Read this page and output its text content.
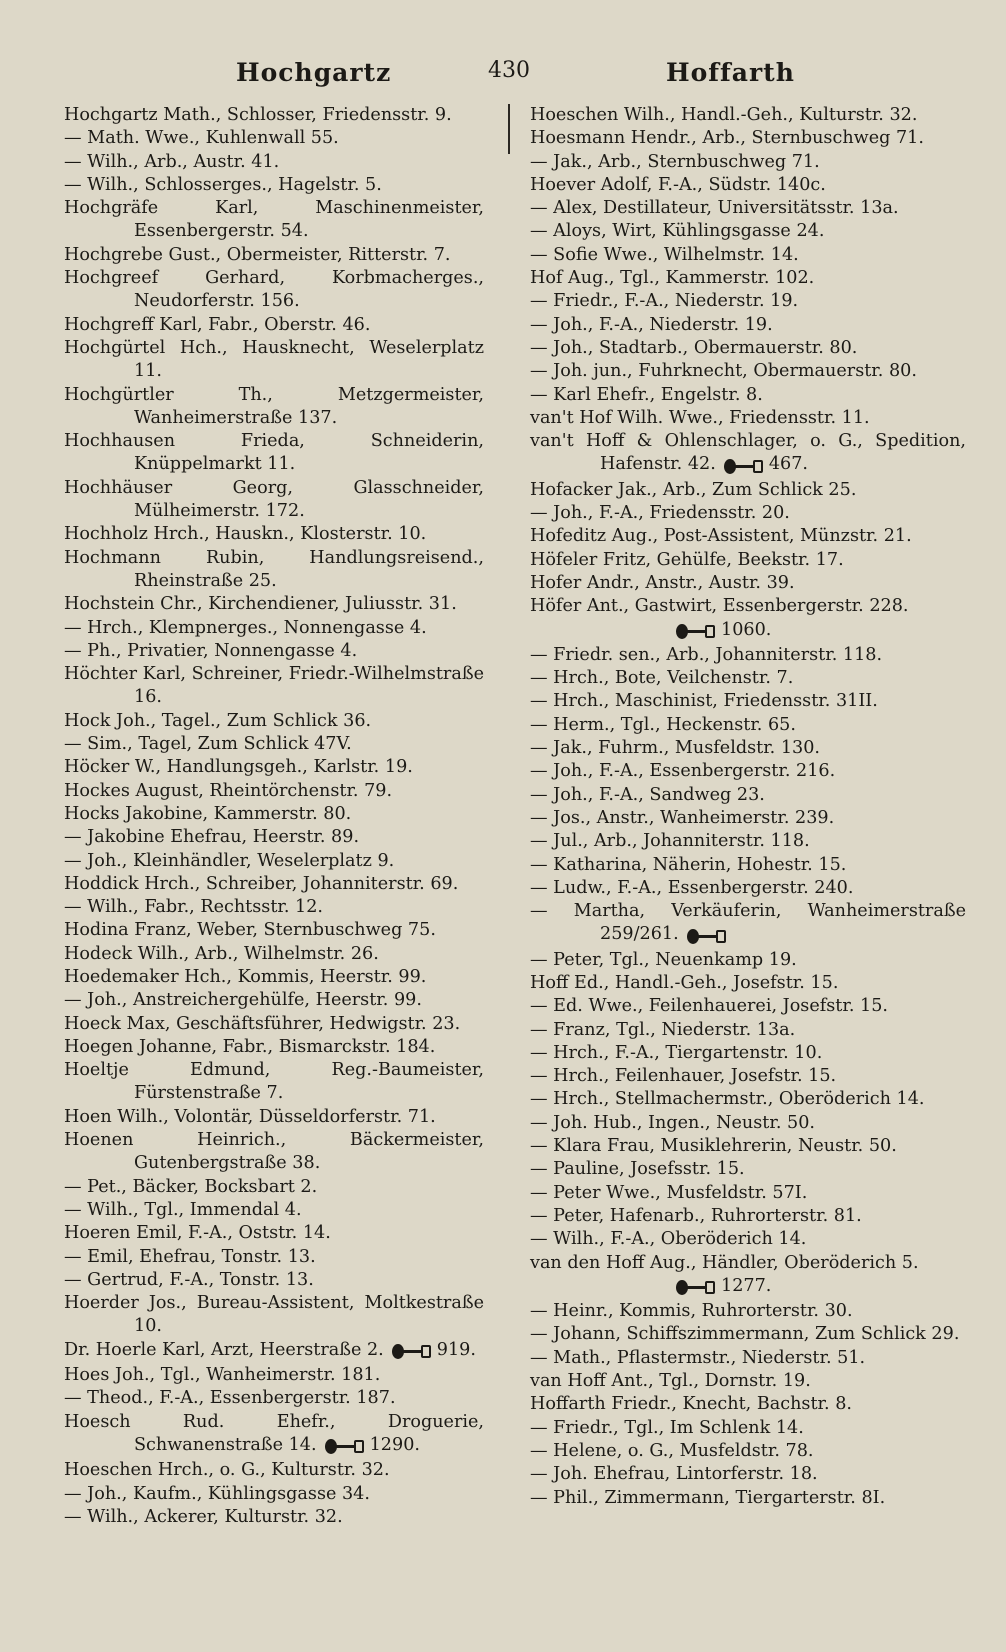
Hochgartz	430	Hoffarth
Hochgartz Math., Schlosser, Friedensstr. 9.
— Math. Wwe., Kuhlenwall 55.
— Wilh., Arb., Austr. 41.
— Wilh., Schlosserges., Hagelstr. 5.
Hochgräfe Karl, Maschinenmeister, Essenbergerstr. 54.
Hochgrebe Gust., Obermeister, Ritterstr. 7.
Hochgreef Gerhard, Korbmacherges., Neudorferstr. 156.
Hochgreff Karl, Fabr., Oberstr. 46.
Hochgürtel Hch., Hausknecht, Weselerplatz 11.
Hochgürtler Th., Metzgermeister, Wanheimerstraße 137.
Hochhausen Frieda, Schneiderin, Knüppelmarkt 11.
Hochhäuser Georg, Glasschneider, Mülheimerstr. 172.
Hochholz Hrch., Hauskn., Klosterstr. 10.
Hochmann Rubin, Handlungsreisend., Rheinstraße 25.
Hochstein Chr., Kirchendiener, Juliusstr. 31.
— Hrch., Klempnerges., Nonnengasse 4.
— Ph., Privatier, Nonnengasse 4.
Höchter Karl, Schreiner, Friedr.-Wilhelmstraße 16.
Hock Joh., Tagel., Zum Schlick 36.
— Sim., Tagel, Zum Schlick 47V.
Höcker W., Handlungsgeh., Karlstr. 19.
Hockes August, Rheintörchenstr. 79.
Hocks Jakobine, Kammerstr. 80.
— Jakobine Ehefrau, Heerstr. 89.
— Joh., Kleinhändler, Weselerplatz 9.
Hoddick Hrch., Schreiber, Johanniterstr. 69.
— Wilh., Fabr., Rechtsstr. 12.
Hodina Franz, Weber, Sternbuschweg 75.
Hodeck Wilh., Arb., Wilhelmstr. 26.
Hoedemaker Hch., Kommis, Heerstr. 99.
— Joh., Anstreichergehülfe, Heerstr. 99.
Hoeck Max, Geschäftsführer, Hedwigstr. 23.
Hoegen Johanne, Fabr., Bismarckstr. 184.
Hoeltje Edmund, Reg.-Baumeister, Fürstenstraße 7.
Hoen Wilh., Volontär, Düsseldorferstr. 71.
Hoenen Heinrich., Bäckermeister, Gutenbergstraße 38.
— Pet., Bäcker, Bocksbart 2.
— Wilh., Tgl., Immendal 4.
Hoeren Emil, F.-A., Oststr. 14.
— Emil, Ehefrau, Tonstr. 13.
— Gertrud, F.-A., Tonstr. 13.
Hoerder Jos., Bureau-Assistent, Moltkestraße 10.
Dr. Hoerle Karl, Arzt, Heerstraße 2.	919.
Hoes Joh., Tgl., Wanheimerstr. 181.
— Theod., F.-A., Essenbergerstr. 187.
Hoesch Rud. Ehefr., Droguerie, Schwanenstraße 14.	1290.
Hoeschen Hrch., o. G., Kulturstr. 32.
— Joh., Kaufm., Kühlingsgasse 34.
— Wilh., Ackerer, Kulturstr. 32.
Hoeschen Wilh., Handl.-Geh., Kulturstr. 32.
Hoesmann Hendr., Arb., Sternbuschweg 71.
— Jak., Arb., Sternbuschweg 71.
Hoever Adolf, F.-A., Südstr. 140c.
— Alex, Destillateur, Universitätsstr. 13a.
— Aloys, Wirt, Kühlingsgasse 24.
— Sofie Wwe., Wilhelmstr. 14.
Hof Aug., Tgl., Kammerstr. 102.
— Friedr., F.-A., Niederstr. 19.
— Joh., F.-A., Niederstr. 19.
— Joh., Stadtarb., Obermauerstr. 80.
— Joh. jun., Fuhrknecht, Obermauerstr. 80.
— Karl Ehefr., Engelstr. 8.
van't Hof Wilh. Wwe., Friedensstr. 11.
van't Hoff & Ohlenschlager, o. G., Spedition, Hafenstr. 42.	467.
Hofacker Jak., Arb., Zum Schlick 25.
— Joh., F.-A., Friedensstr. 20.
Hofeditz Aug., Post-Assistent, Münzstr. 21.
Höfeler Fritz, Gehülfe, Beekstr. 17.
Hofer Andr., Anstr., Austr. 39.
Höfer Ant., Gastwirt, Essenbergerstr. 228.
1060.
— Friedr. sen., Arb., Johanniterstr. 118.
— Hrch., Bote, Veilchenstr. 7.
— Hrch., Maschinist, Friedensstr. 31II.
— Herm., Tgl., Heckenstr. 65.
— Jak., Fuhrm., Musfeldstr. 130.
— Joh., F.-A., Essenbergerstr. 216.
— Joh., F.-A., Sandweg 23.
— Jos., Anstr., Wanheimerstr. 239.
— Jul., Arb., Johanniterstr. 118.
— Katharina, Näherin, Hohestr. 15.
— Ludw., F.-A., Essenbergerstr. 240.
— Martha, Verkäuferin, Wanheimerstraße 259/261.
— Peter, Tgl., Neuenkamp 19.
Hoff Ed., Handl.-Geh., Josefstr. 15.
— Ed. Wwe., Feilenhauerei, Josefstr. 15.
— Franz, Tgl., Niederstr. 13a.
— Hrch., F.-A., Tiergartenstr. 10.
— Hrch., Feilenhauer, Josefstr. 15.
— Hrch., Stellmachermstr., Oberöderich 14.
— Joh. Hub., Ingen., Neustr. 50.
— Klara Frau, Musiklehrerin, Neustr. 50.
— Pauline, Josefsstr. 15.
— Peter Wwe., Musfeldstr. 57I.
— Peter, Hafenarb., Ruhrorterstr. 81.
— Wilh., F.-A., Oberöderich 14.
van den Hoff Aug., Händler, Oberöderich 5.
1277.
— Heinr., Kommis, Ruhrorterstr. 30.
— Johann, Schiffszimmermann, Zum Schlick 29.
— Math., Pflastermstr., Niederstr. 51.
van Hoff Ant., Tgl., Dornstr. 19.
Hoffarth Friedr., Knecht, Bachstr. 8.
— Friedr., Tgl., Im Schlenk 14.
— Helene, o. G., Musfeldstr. 78.
— Joh. Ehefrau, Lintorferstr. 18.
— Phil., Zimmermann, Tiergarterstr. 8I.
